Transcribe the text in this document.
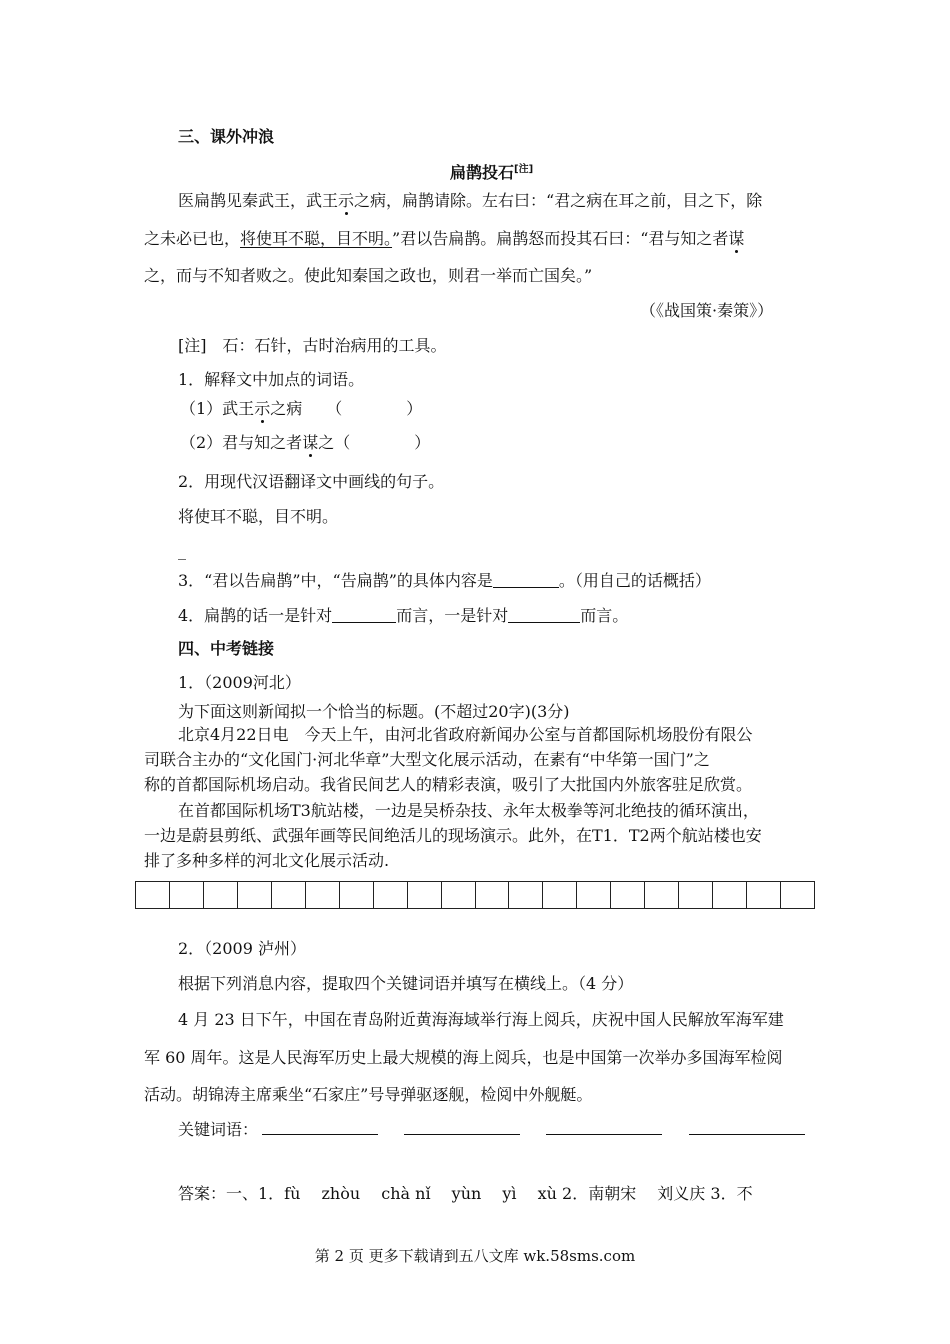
三、课外冲浪
扁鹊投石[注]
医扁鹊见秦武王，武王示之病，扁鹊请除。左右曰：“君之病在耳之前，目之下，除
之未必已也，将使耳不聪，目不明。”君以告扁鹊。扁鹊怒而投其石曰：“君与知之者谋
之，而与不知者败之。使此知秦国之政也，则君一举而亡国矣。”
（《战国策·秦策》）
[注]　石：石针，古时治病用的工具。
1．解释文中加点的词语。
（1）武王示之病　　（　　　　）
（2）君与知之者谋之（　　　　）
2．用现代汉语翻译文中画线的句子。
将使耳不聪，目不明。
_
3．“君以告扁鹊”中，“告扁鹊”的具体内容是	。（用自己的话概括）
4．扁鹊的话一是针对	而言，一是针对	而言。
四、中考链接
1．（2009河北）
为下面这则新闻拟一个恰当的标题。(不超过20字)(3分)
北京4月22日电　今天上午，由河北省政府新闻办公室与首都国际机场股份有限公
司联合主办的“文化国门·河北华章”大型文化展示活动，在素有“中华第一国门”之
称的首都国际机场启动。我省民间艺人的精彩表演，吸引了大批国内外旅客驻足欣赏。
在首都国际机场T3航站楼，一边是吴桥杂技、永年太极拳等河北绝技的循环演出，
一边是蔚县剪纸、武强年画等民间绝活儿的现场演示。此外，在T1．T2两个航站楼也安
排了多种多样的河北文化展示活动.
2．（2009 泸州）
根据下列消息内容，提取四个关键词语并填写在横线上。（4 分）
4 月 23 日下午，中国在青岛附近黄海海域举行海上阅兵，庆祝中国人民解放军海军建
军 60 周年。这是人民海军历史上最大规模的海上阅兵，也是中国第一次举办多国海军检阅
活动。胡锦涛主席乘坐“石家庄”号导弹驱逐舰，检阅中外舰艇。
关键词语：
答案：一、1．fù　 zhòu　 chà nǐ　 yùn　 yì　 xù 2．南朝宋　 刘义庆 3．不
第 2 页 更多下载请到五八文库 wk.58sms.com
